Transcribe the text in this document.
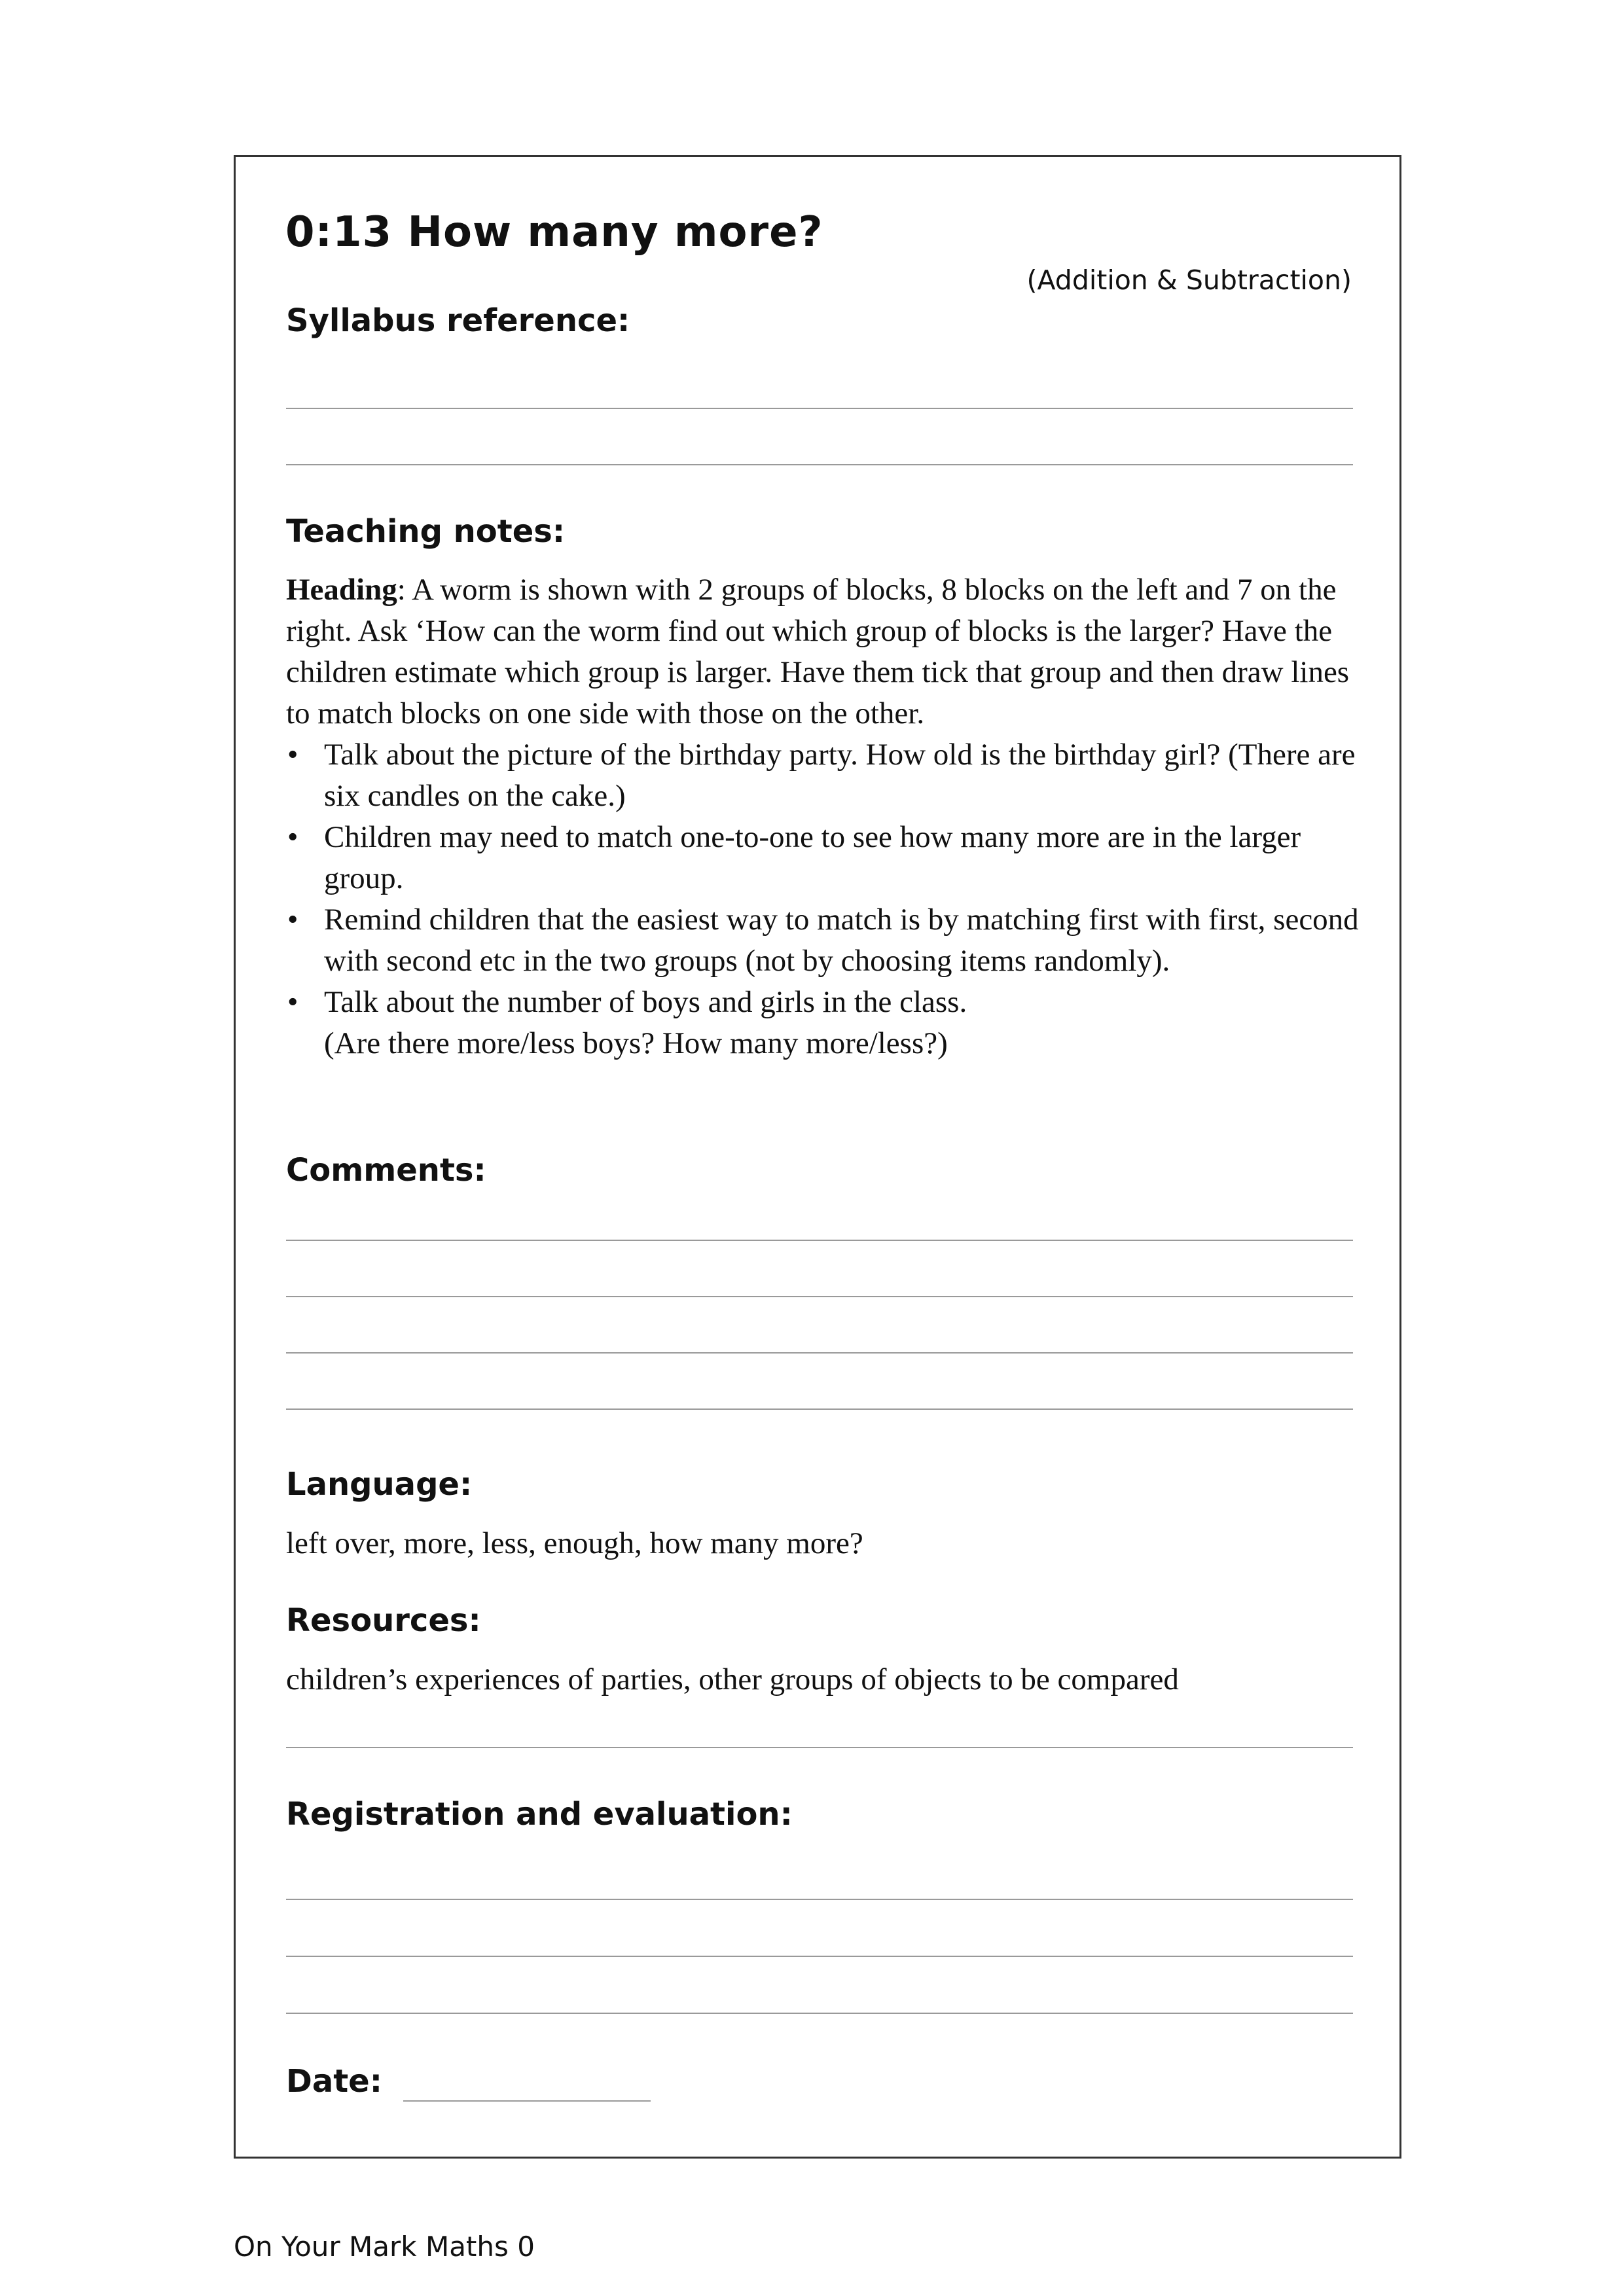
0:13 How many more?
(Addition & Subtraction)
Syllabus reference:
Teaching notes:

Heading: A worm is shown with 2 groups of blocks, 8 blocks on the left and 7 on the right. Ask ‘How can the worm find out which group of blocks is the larger? Have the children estimate which group is larger. Have them tick that group and then draw lines to match blocks on one side with those on the other.

• Talk about the picture of the birthday party. How old is the birthday girl? (There are six candles on the cake.)
• Children may need to match one-to-one to see how many more are in the larger group.
• Remind children that the easiest way to match is by matching first with first, second with second etc in the two groups (not by choosing items randomly).
• Talk about the number of boys and girls in the class.
(Are there more/less boys? How many more/less?)
Comments:
Language:
left over, more, less, enough, how many more?
Resources:
children’s experiences of parties, other groups of objects to be compared
Registration and evaluation:
Date:
On Your Mark Maths 0
